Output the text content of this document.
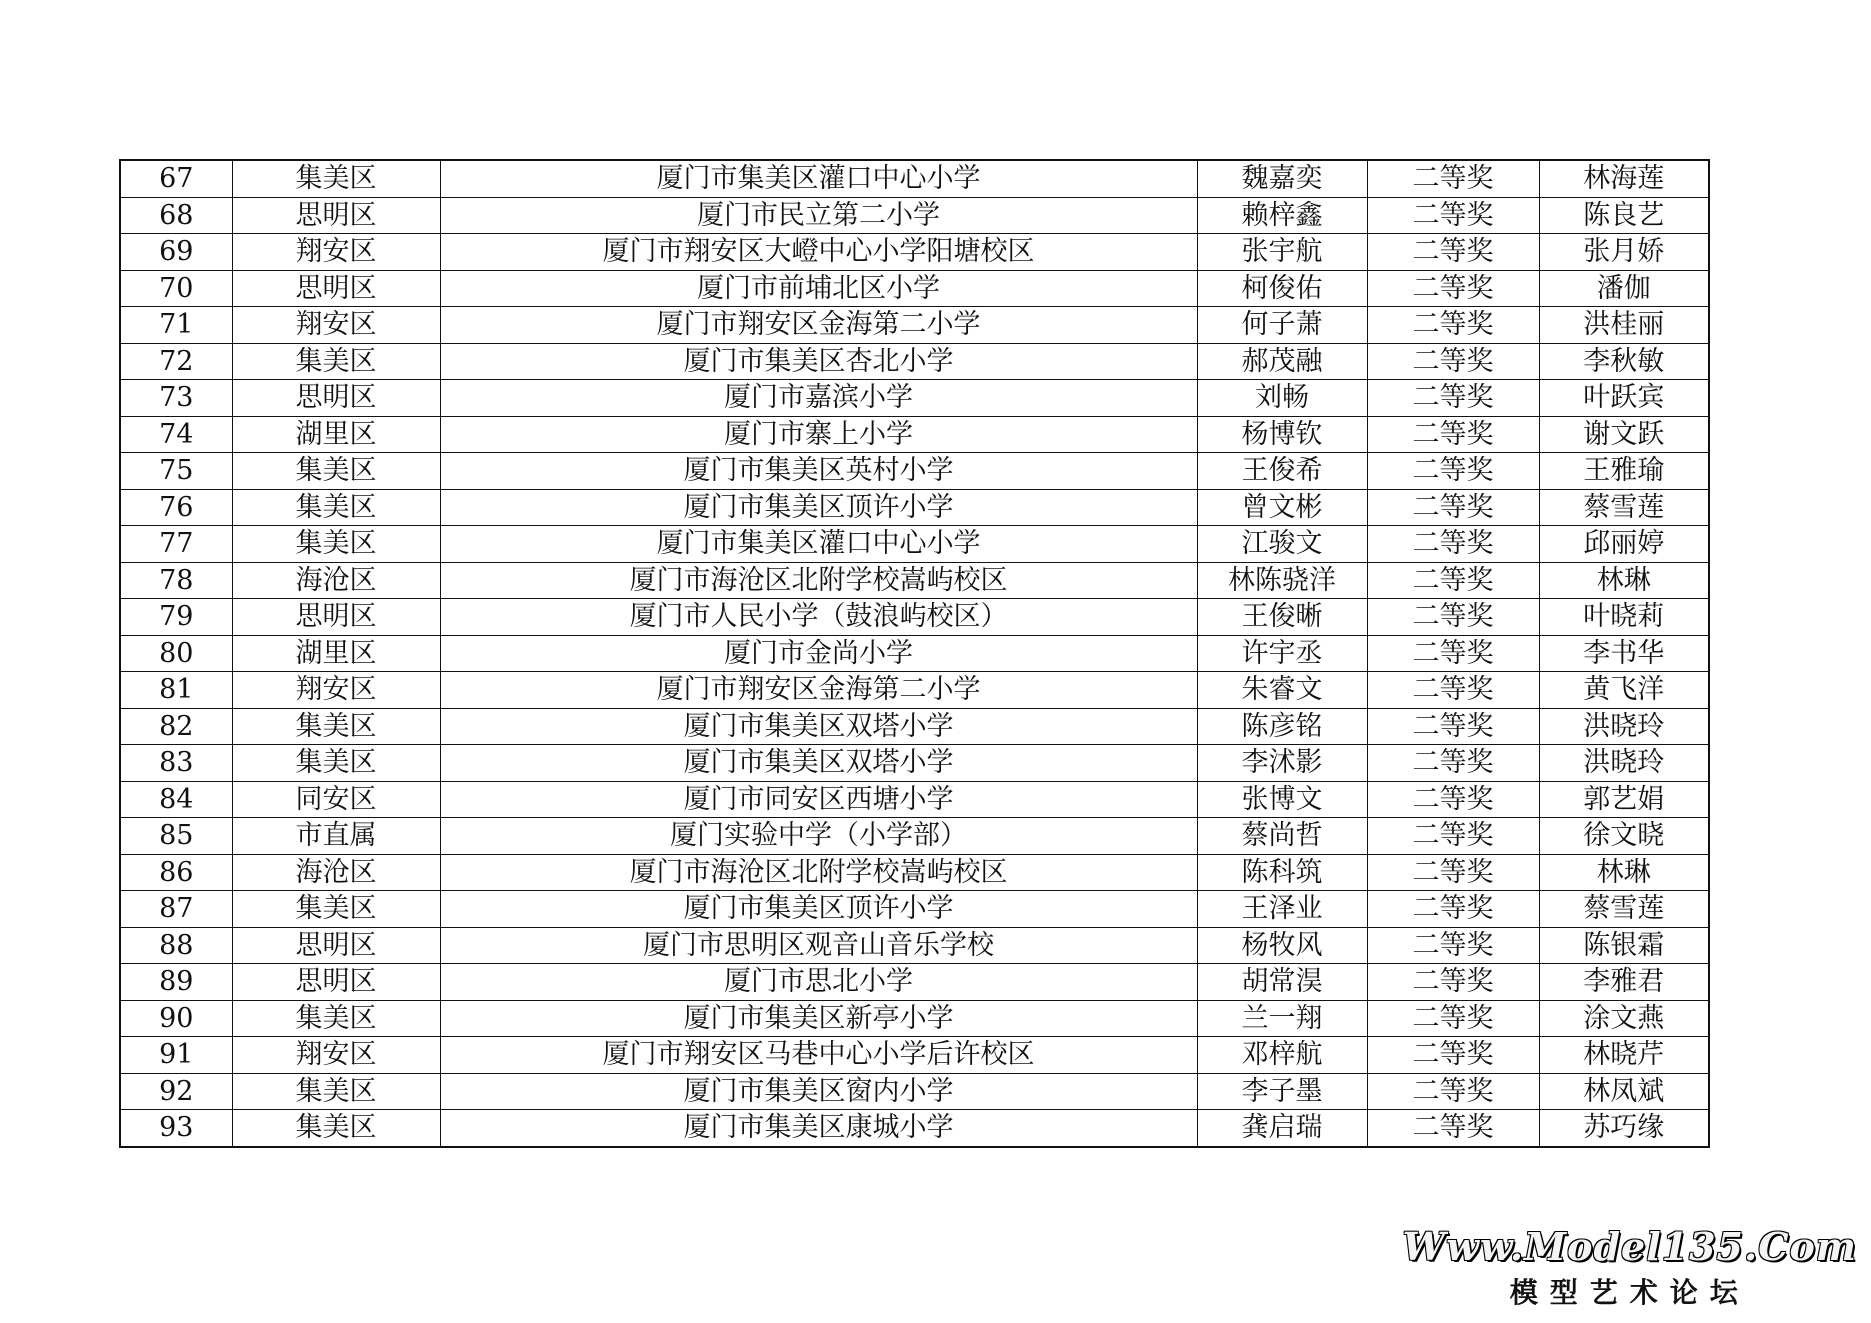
67	集美区	厦门市集美区灌口中心小学	魏嘉奕	二等奖	林海莲
68	思明区	厦门市民立第二小学	赖梓鑫	二等奖	陈良艺
69	翔安区	厦门市翔安区大嶝中心小学阳塘校区	张宇航	二等奖	张月娇
70	思明区	厦门市前埔北区小学	柯俊佑	二等奖	潘伽
71	翔安区	厦门市翔安区金海第二小学	何子萧	二等奖	洪桂丽
72	集美区	厦门市集美区杏北小学	郝茂融	二等奖	李秋敏
73	思明区	厦门市嘉滨小学	刘畅	二等奖	叶跃宾
74	湖里区	厦门市寨上小学	杨博钦	二等奖	谢文跃
75	集美区	厦门市集美区英村小学	王俊希	二等奖	王雅瑜
76	集美区	厦门市集美区顶许小学	曾文彬	二等奖	蔡雪莲
77	集美区	厦门市集美区灌口中心小学	江骏文	二等奖	邱丽婷
78	海沧区	厦门市海沧区北附学校嵩屿校区	林陈骁洋	二等奖	林琳
79	思明区	厦门市人民小学（鼓浪屿校区）	王俊晰	二等奖	叶晓莉
80	湖里区	厦门市金尚小学	许宇丞	二等奖	李书华
81	翔安区	厦门市翔安区金海第二小学	朱睿文	二等奖	黄飞洋
82	集美区	厦门市集美区双塔小学	陈彦铭	二等奖	洪晓玲
83	集美区	厦门市集美区双塔小学	李沭影	二等奖	洪晓玲
84	同安区	厦门市同安区西塘小学	张博文	二等奖	郭艺娟
85	市直属	厦门实验中学（小学部）	蔡尚哲	二等奖	徐文晓
86	海沧区	厦门市海沧区北附学校嵩屿校区	陈科筑	二等奖	林琳
87	集美区	厦门市集美区顶许小学	王泽业	二等奖	蔡雪莲
88	思明区	厦门市思明区观音山音乐学校	杨牧风	二等奖	陈银霜
89	思明区	厦门市思北小学	胡常淏	二等奖	李雅君
90	集美区	厦门市集美区新亭小学	兰一翔	二等奖	涂文燕
91	翔安区	厦门市翔安区马巷中心小学后许校区	邓梓航	二等奖	林晓芹
92	集美区	厦门市集美区窗内小学	李子墨	二等奖	林凤斌
93	集美区	厦门市集美区康城小学	龚启瑞	二等奖	苏巧缘
Www.Model135.Com
模型艺术论坛
